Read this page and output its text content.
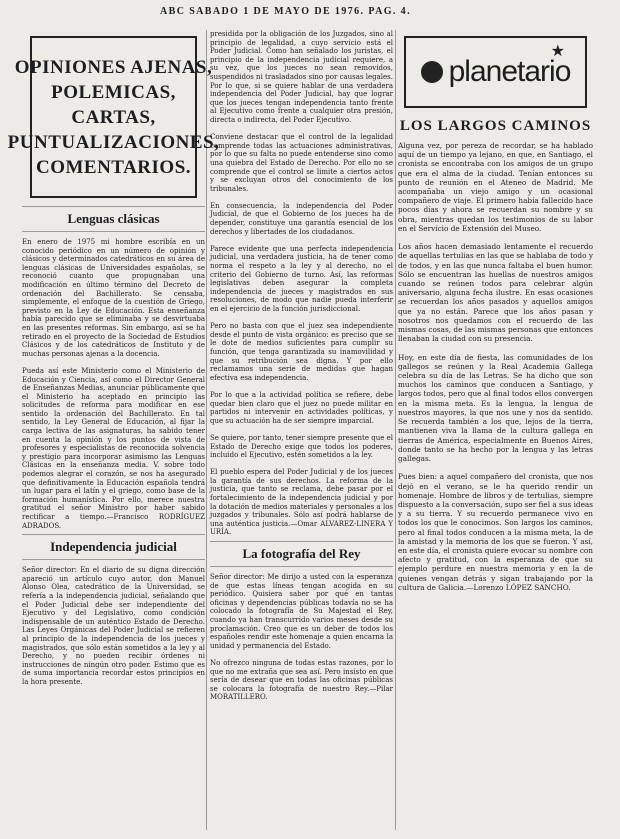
ABC SABADO 1 DE MAYO DE 1976. PAG. 4.
OPINIONES AJENAS, POLEMICAS, CARTAS, PUNTUALIZACIONES, COMENTARIOS.
Lenguas clásicas
En enero de 1975 mi hombre escribía en un conocido periódico en un número de opinión y clásicos y determinados catedráticos en su área de lenguas clásicas de Universidades españolas, se reconoció cuanto que propugnaban una modificación en último término del Decreto de ordenación del Bachillerato. Se censaba, simplemente, el enfoque de la cuestión de Griego, previsto en la Ley de Educación. Esta enseñanza había parecido que se eliminaba y se desvirtuaba en las presentes reformas. Sin embargo, así se ha retirado en el proyecto de la Sociedad de Estudios Clásicos y de los catedráticos de Instituto y de muchas personas ajenas a la docencia.

Pueda así este Ministerio como el Ministerio de Educación y Ciencia, así como el Director General de Enseñanzas Medias, anunciar públicamente que el Ministerio ha aceptado en principio las solicitudes de reforma para modificar en ese sentido la ordenación del Bachillerato. En tal sentido, la Ley General de Educación, al fijar la carga lectiva de las asignaturas, ha sabido tener en cuenta la opinión y los puntos de vista de profesores y especialistas de reconocida solvencia y prestigio para incorporar asimismo las Lenguas Clásicas en la enseñanza media. V. sobre todo podemos alegrar el corazón, se nos ha asegurado que definitivamente la Educación española tendrá un lugar para el latín y el griego, como base de la formación humanística. Por ello, merece nuestra gratitud el señor Ministro por haber sabido rectificar a tiempo.—Francisco RODRÍGUEZ ADRADOS.
Independencia judicial
Señor director: En el diario de su digna dirección apareció un artículo cuyo autor, don Manuel Alonso Olea, catedrático de la Universidad, se refería a la independencia judicial, señalando que el Poder Judicial debe ser independiente del Ejecutivo y del Legislativo, como condición indispensable de un auténtico Estado de Derecho. Las Leyes Orgánicas del Poder Judicial se refieren al principio de la independencia de los jueces y magistrados, que sólo están sometidos a la ley y al Derecho, y no pueden recibir órdenes ni instrucciones de ningún otro poder. Estimo que es de suma importancia recordar estos principios en la hora presente.
presidida por la obligación de los Juzgados, sino al principio de legalidad, a cuyo servicio está el Poder Judicial. Como han señalado los juristas, el principio de la independencia judicial requiere, a su vez, que los jueces no sean removidos, suspendidos ni trasladados sino por causas legales. Por lo que, si se quiere hablar de una verdadera independencia del Poder Judicial, hay que lograr que los jueces tengan independencia tanto frente al Ejecutivo como frente a cualquier otra presión, directa o indirecta, del Poder Ejecutivo.

Conviene destacar que el control de la legalidad comprende todas las actuaciones administrativas, por lo que su falta no puede entenderse sino como una quiebra del Estado de Derecho. Por ello no se comprende que el control se limite a ciertos actos y se excluyan otros del conocimiento de los tribunales.

En consecuencia, la independencia del Poder Judicial, de que el Gobierno de los jueces ha de depender, constituye una garantía esencial de los derechos y libertades de los ciudadanos.

Parece evidente que una perfecta independencia judicial, una verdadera justicia, ha de tener como norma el respeto a la ley y al derecho, no el criterio del Gobierno de turno. Así, las reformas legislativas deben asegurar la completa independencia de jueces y magistrados en sus resoluciones, de modo que nadie pueda interferir en el ejercicio de la función jurisdiccional.

Pero no basta con que el juez sea independiente desde el punto de vista orgánico: es preciso que se le dote de medios suficientes para cumplir su función, que tenga garantizada su inamovilidad y que su retribución sea digna. Y por ello reclamamos una serie de medidas que hagan efectiva esa independencia.

Por lo que a la actividad política se refiere, debe quedar bien claro que el juez no puede militar en partidos ni intervenir en actividades políticas, y que su actuación ha de ser siempre imparcial.

Se quiere, por tanto, tener siempre presente que el Estado de Derecho exige que todos los poderes, incluido el Ejecutivo, estén sometidos a la ley.

El pueblo espera del Poder Judicial y de los jueces la garantía de sus derechos. La reforma de la justicia, que tanto se reclama, debe pasar por el fortalecimiento de la independencia judicial y por la dotación de medios materiales y personales a los juzgados y tribunales. Sólo así podrá hablarse de una auténtica justicia.—Omar ALVAREZ-LINERA Y URÍA.
La fotografía del Rey
Señor director: Me dirijo a usted con la esperanza de que estas líneas tengan acogida en su periódico. Quisiera saber por qué en tantas oficinas y dependencias públicas todavía no se ha colocado la fotografía de Su Majestad el Rey, cuando ya han transcurrido varios meses desde su proclamación. Creo que es un deber de todos los españoles rendir este homenaje a quien encarna la unidad y permanencia del Estado.

No ofrezco ninguna de todas estas razones, por lo que no me extraña que sea así. Pero insisto en que sería de desear que en todas las oficinas públicas se colocara la fotografía de nuestro Rey.—Pilar MORATILLERO.
planetario
★
LOS LARGOS CAMINOS
Alguna vez, por pereza de recordar, se ha hablado aquí de un tiempo ya lejano, en que, en Santiago, el cronista se encontraba con los amigos de un grupo que era el alma de la ciudad. Tenían entonces su punto de reunión en el Ateneo de Madrid. Me acompañaba un viejo amigo y un ocasional compañero de viaje. El primero había fallecido hace pocos días y ahora se recuerdan su nombre y su obra, mientras quedan los testimonios de su labor en el Servicio de Extensión del Museo.

Los años hacen demasiado lentamente el recuerdo de aquellas tertulias en las que se hablaba de todo y de todos, y en las que nunca faltaba el buen humor. Sólo se encuentran las huellas de nuestros amigos cuando se reúnen todos para celebrar algún aniversario, alguna fecha ilustre. En esas ocasiones se recuerdan los años pasados y aquellos amigos que ya no están. Parece que los años pasan y nosotros nos quedamos con el recuerdo de las mismas cosas, de las mismas personas que entonces llenaban la ciudad con su presencia.

Hoy, en este día de fiesta, las comunidades de los gallegos se reúnen y la Real Academia Gallega celebra su día de las Letras. Se ha dicho que son muchos los caminos que conducen a Santiago, y largos todos, pero que al final todos ellos convergen en la misma meta. Es la lengua, la lengua de nuestros mayores, la que nos une y nos da sentido. Se recuerda también a los que, lejos de la tierra, mantienen viva la llama de la cultura gallega en tierras de América, especialmente en Buenos Aires, donde tanto se ha hecho por la lengua y las letras gallegas.

Pues bien: a aquel compañero del cronista, que nos dejó en el verano, se le ha querido rendir un homenaje. Hombre de libros y de tertulias, siempre dispuesto a la conversación, supo ser fiel a sus ideas y a su tierra. Y su recuerdo permanece vivo en todos los que le conocimos. Son largos los caminos, pero al final todos conducen a la misma meta, la de la amistad y la memoria de los que se fueron. Y así, en este día, el cronista quiere evocar su nombre con afecto y gratitud, con la esperanza de que su ejemplo perdure en nuestra memoria y en la de quienes vengan detrás y sigan trabajando por la cultura de Galicia.—Lorenzo LÓPEZ SANCHO.
